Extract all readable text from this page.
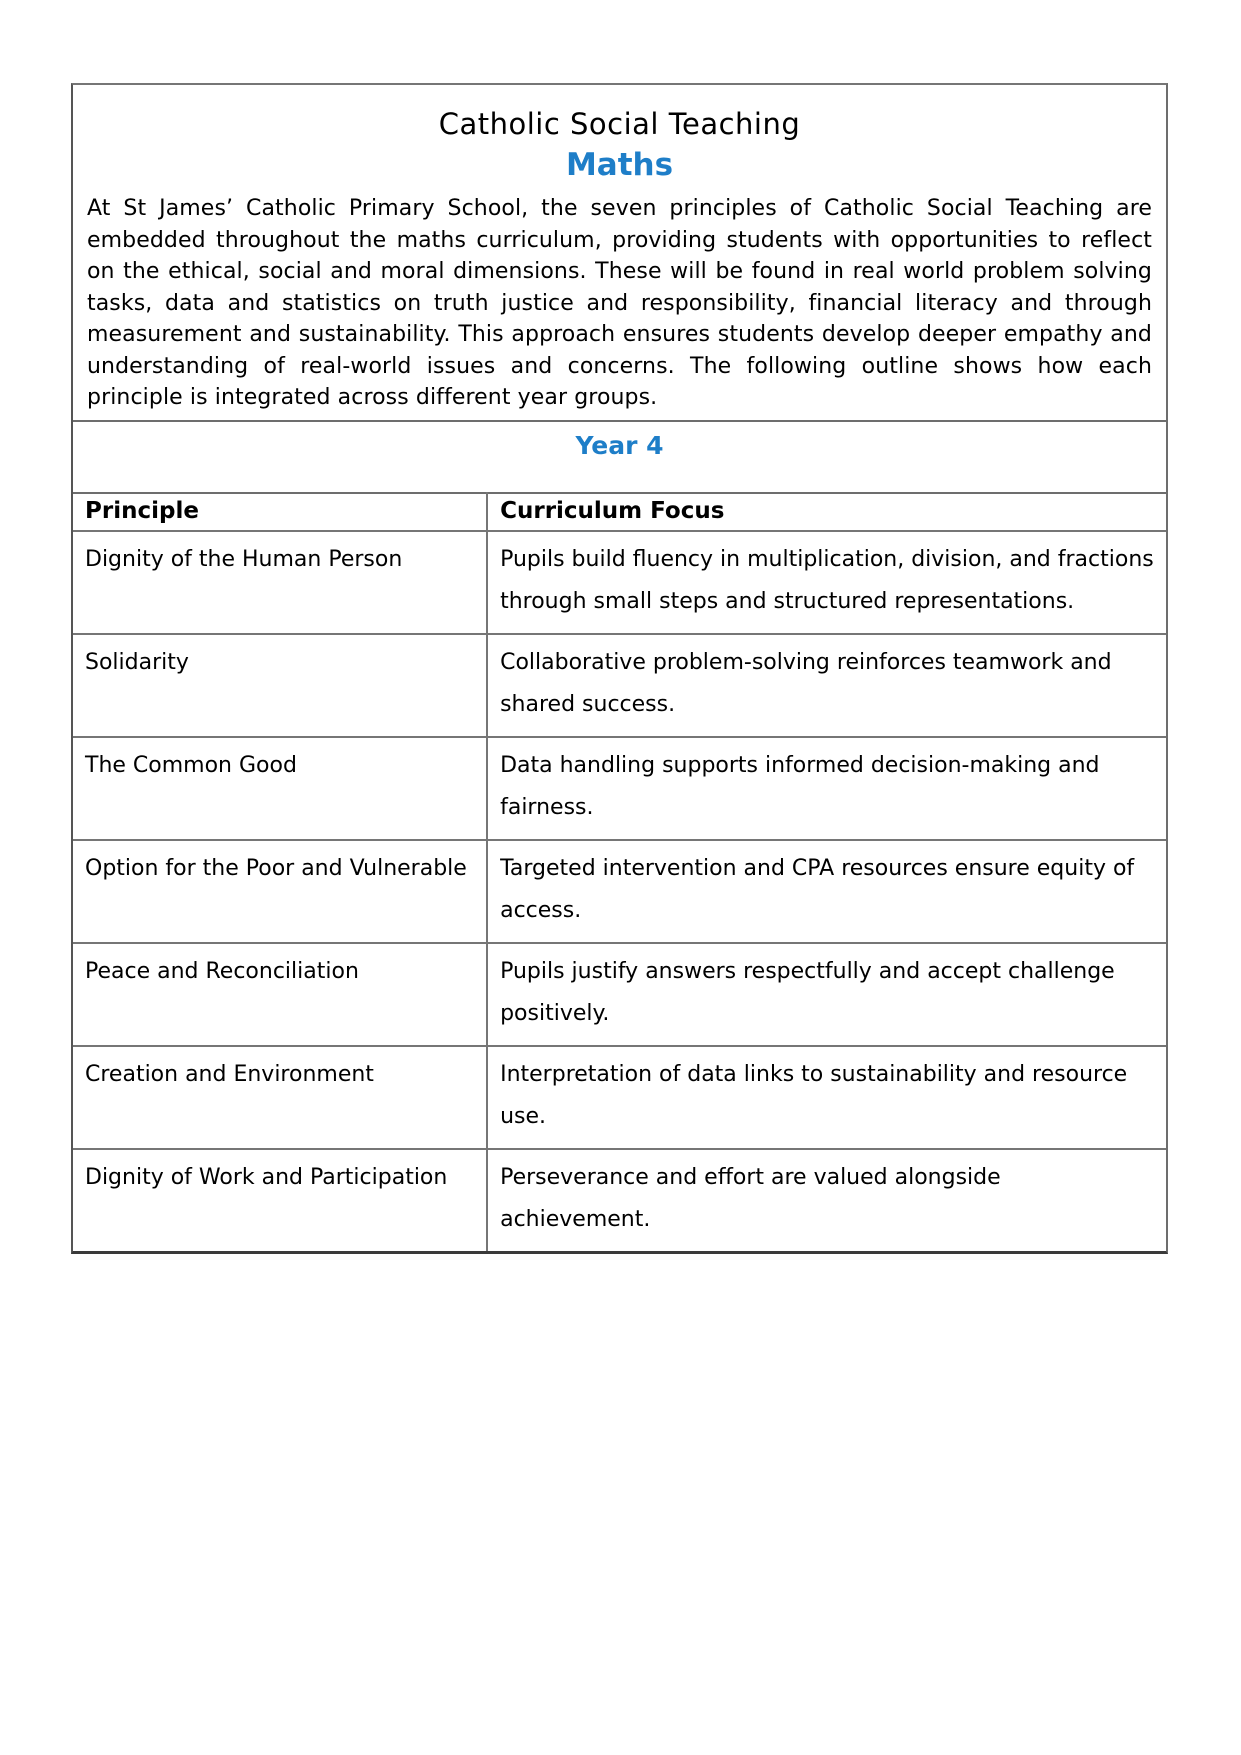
Catholic Social Teaching
Maths

At St James’ Catholic Primary School, the seven principles of Catholic Social Teaching are embedded throughout the maths curriculum, providing students with opportunities to reflect on the ethical, social and moral dimensions. These will be found in real world problem solving tasks, data and statistics on truth justice and responsibility, financial literacy and through measurement and sustainability. This approach ensures students develop deeper empathy and understanding of real-world issues and concerns. The following outline shows how each principle is integrated across different year groups.

Year 4
Principle	Curriculum Focus
Dignity of the Human Person	Pupils build fluency in multiplication, division, and fractions through small steps and structured representations.
Solidarity	Collaborative problem-solving reinforces teamwork and shared success.
The Common Good	Data handling supports informed decision-making and fairness.
Option for the Poor and Vulnerable	Targeted intervention and CPA resources ensure equity of access.
Peace and Reconciliation	Pupils justify answers respectfully and accept challenge positively.
Creation and Environment	Interpretation of data links to sustainability and resource use.
Dignity of Work and Participation	Perseverance and effort are valued alongside achievement.
